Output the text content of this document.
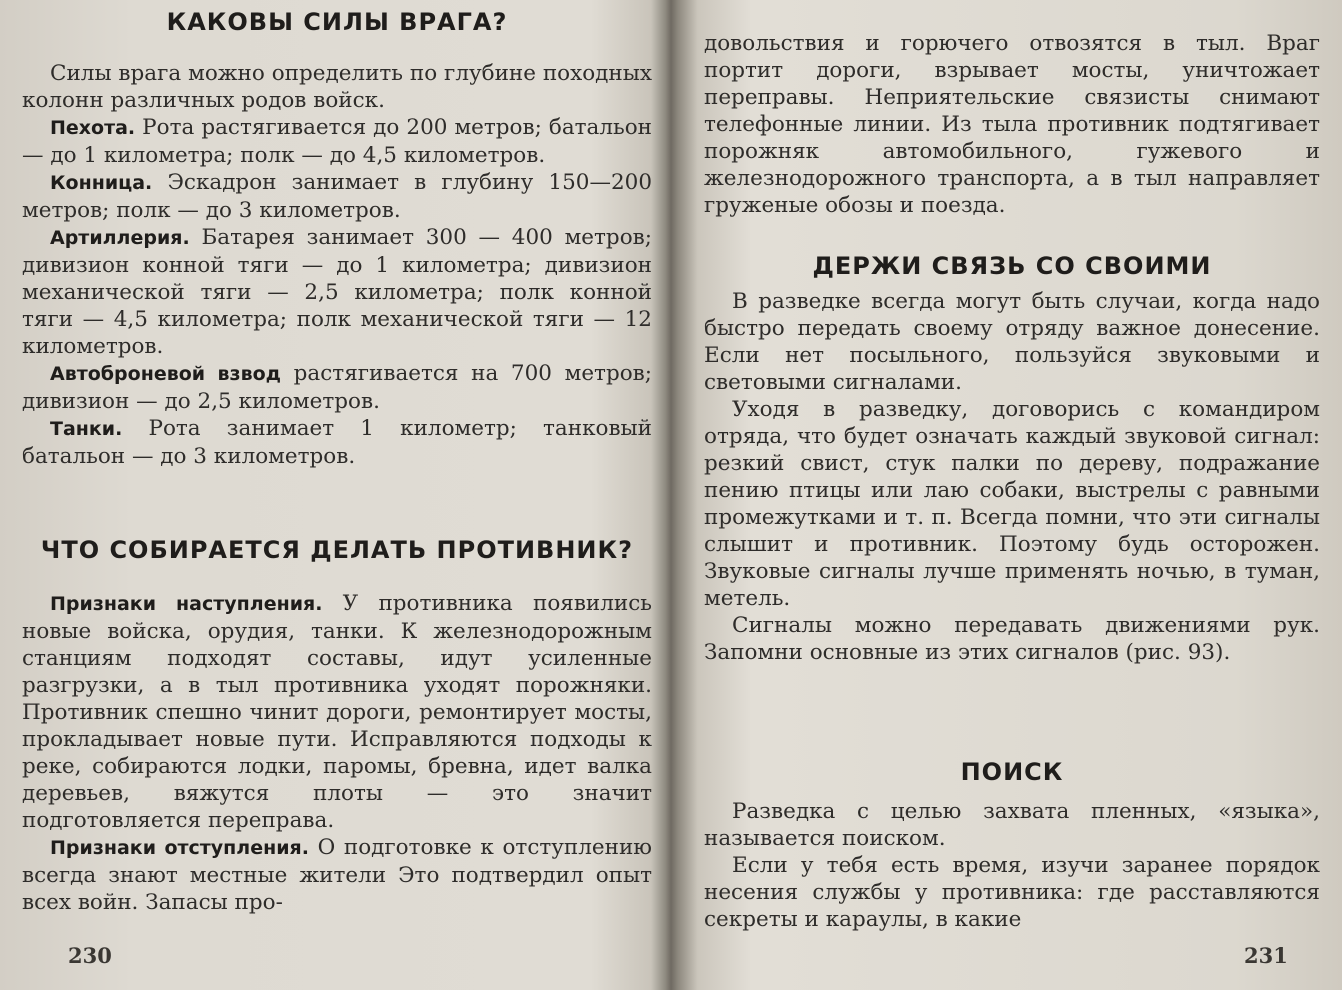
КАКОВЫ СИЛЫ ВРАГА?

Силы врага можно определить по глубине походных колонн различных родов войск.

Пехота. Рота растягивается до 200 метров; батальон — до 1 километра; полк — до 4,5 километров.

Конница. Эскадрон занимает в глубину 150—200 метров; полк — до 3 километров.

Артиллерия. Батарея занимает 300 — 400 метров; дивизион конной тяги — до 1 километра; дивизион механической тяги — 2,5 километра; полк конной тяги — 4,5 километра; полк механической тяги — 12 километров.

Автоброневой взвод растягивается на 700 метров; дивизион — до 2,5 километров.

Танки. Рота занимает 1 километр; танковый батальон — до 3 километров.

ЧТО СОБИРАЕТСЯ ДЕЛАТЬ ПРОТИВНИК?

Признаки наступления. У противника появились новые войска, орудия, танки. К железнодорожным станциям подходят составы, идут усиленные разгрузки, а в тыл противника уходят порожняки. Противник спешно чинит дороги, ремонтирует мосты, прокладывает новые пути. Исправляются подходы к реке, собираются лодки, паромы, бревна, идет валка деревьев, вяжутся плоты — это значит подготовляется переправа.

Признаки отступления. О подготовке к отступлению всегда знают местные жители Это подтвердил опыт всех войн. Запасы про-

230

довольствия и горючего отвозятся в тыл. Враг портит дороги, взрывает мосты, уничтожает переправы. Неприятельские связисты снимают телефонные линии. Из тыла противник подтягивает порожняк автомобильного, гужевого и железнодорожного транспорта, а в тыл направляет груженые обозы и поезда.

ДЕРЖИ СВЯЗЬ СО СВОИМИ

В разведке всегда могут быть случаи, когда надо быстро передать своему отряду важное донесение. Если нет посыльного, пользуйся звуковыми и световыми сигналами.

Уходя в разведку, договорись с командиром отряда, что будет означать каждый звуковой сигнал: резкий свист, стук палки по дереву, подражание пению птицы или лаю собаки, выстрелы с равными промежутками и т. п. Всегда помни, что эти сигналы слышит и противник. Поэтому будь осторожен. Звуковые сигналы лучше применять ночью, в туман, метель.

Сигналы можно передавать движениями рук. Запомни основные из этих сигналов (рис. 93).

ПОИСК

Разведка с целью захвата пленных, «языка», называется поиском.

Если у тебя есть время, изучи заранее порядок несения службы у противника: где расставляются секреты и караулы, в какие

231
